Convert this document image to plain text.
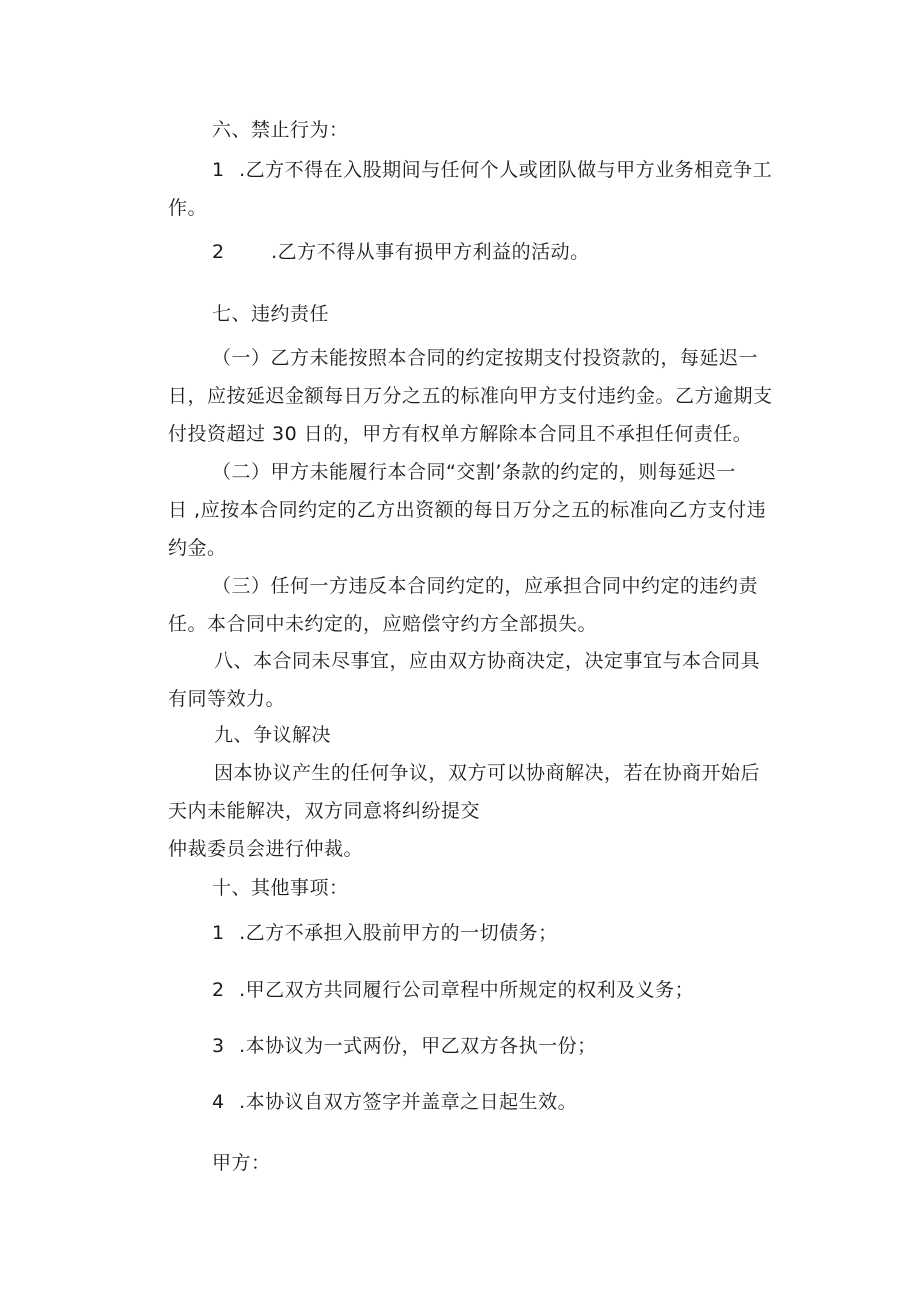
六、禁止行为：
1 .乙方不得在入股期间与任何个人或团队做与甲方业务相竞争工
作。
2 .乙方不得从事有损甲方利益的活动。
七、违约责任
（一）乙方未能按照本合同的约定按期支付投资款的，每延迟一
日，应按延迟金额每日万分之五的标准向甲方支付违约金。乙方逾期支
付投资超过 30 日的，甲方有权单方解除本合同且不承担任何责任。
（二）甲方未能履行本合同“交割’条款的约定的，则每延迟一
日 ,应按本合同约定的乙方出资额的每日万分之五的标准向乙方支付违
约金。
（三）任何一方违反本合同约定的，应承担合同中约定的违约责
任。本合同中未约定的，应赔偿守约方全部损失。
八、本合同未尽事宜，应由双方协商决定，决定事宜与本合同具
有同等效力。
九、争议解决
因本协议产生的任何争议，双方可以协商解决，若在协商开始后
天内未能解决，双方同意将纠纷提交
仲裁委员会进行仲裁。
十、其他事项：
1 .乙方不承担入股前甲方的一切债务；
2 .甲乙双方共同履行公司章程中所规定的权利及义务；
3 .本协议为一式两份，甲乙双方各执一份；
4 .本协议自双方签字并盖章之日起生效。
甲方：
